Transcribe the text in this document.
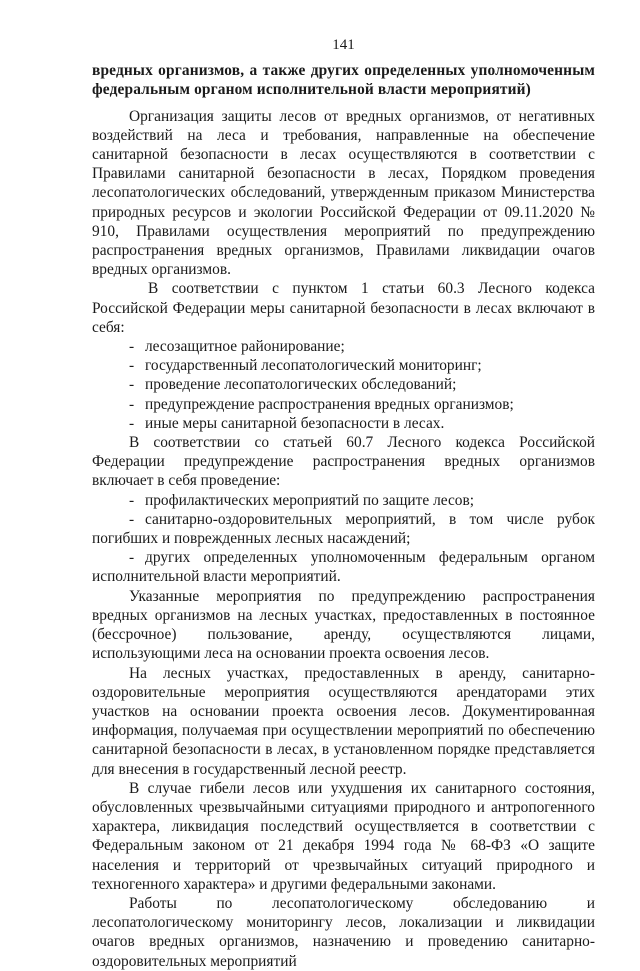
141

вредных организмов, а также других определенных уполномоченным федеральным органом исполнительной власти мероприятий)

Организация защиты лесов от вредных организмов, от негативных воздействий на леса и требования, направленные на обеспечение санитарной безопасности в лесах осуществляются в соответствии с Правилами санитарной безопасности в лесах, Порядком проведения лесопатологических обследований, утвержденным приказом Министерства природных ресурсов и экологии Российской Федерации от 09.11.2020 № 910, Правилами осуществления мероприятий по предупреждению распространения вредных организмов, Правилами ликвидации очагов вредных организмов.

В соответствии с пунктом 1 статьи 60.3 Лесного кодекса Российской Федерации меры санитарной безопасности в лесах включают в себя:

- лесозащитное районирование;
- государственный лесопатологический мониторинг;
- проведение лесопатологических обследований;
- предупреждение распространения вредных организмов;
- иные меры санитарной безопасности в лесах.

В соответствии со статьей 60.7 Лесного кодекса Российской Федерации предупреждение распространения вредных организмов включает в себя проведение:

- профилактических мероприятий по защите лесов;
- санитарно-оздоровительных мероприятий, в том числе рубок погибших и поврежденных лесных насаждений;
- других определенных уполномоченным федеральным органом исполнительной власти мероприятий.

Указанные мероприятия по предупреждению распространения вредных организмов на лесных участках, предоставленных в постоянное (бессрочное) пользование, аренду, осуществляются лицами, использующими леса на основании проекта освоения лесов.

На лесных участках, предоставленных в аренду, санитарно-оздоровительные мероприятия осуществляются арендаторами этих участков на основании проекта освоения лесов. Документированная информация, получаемая при осуществлении мероприятий по обеспечению санитарной безопасности в лесах, в установленном порядке представляется для внесения в государственный лесной реестр.

В случае гибели лесов или ухудшения их санитарного состояния, обусловленных чрезвычайными ситуациями природного и антропогенного характера, ликвидация последствий осуществляется в соответствии с Федеральным законом от 21 декабря 1994 года № 68-ФЗ «О защите населения и территорий от чрезвычайных ситуаций природного и техногенного характера» и другими федеральными законами.

Работы по лесопатологическому обследованию и лесопатологическому мониторингу лесов, локализации и ликвидации очагов вредных организмов, назначению и проведению санитарно-оздоровительных мероприятий
